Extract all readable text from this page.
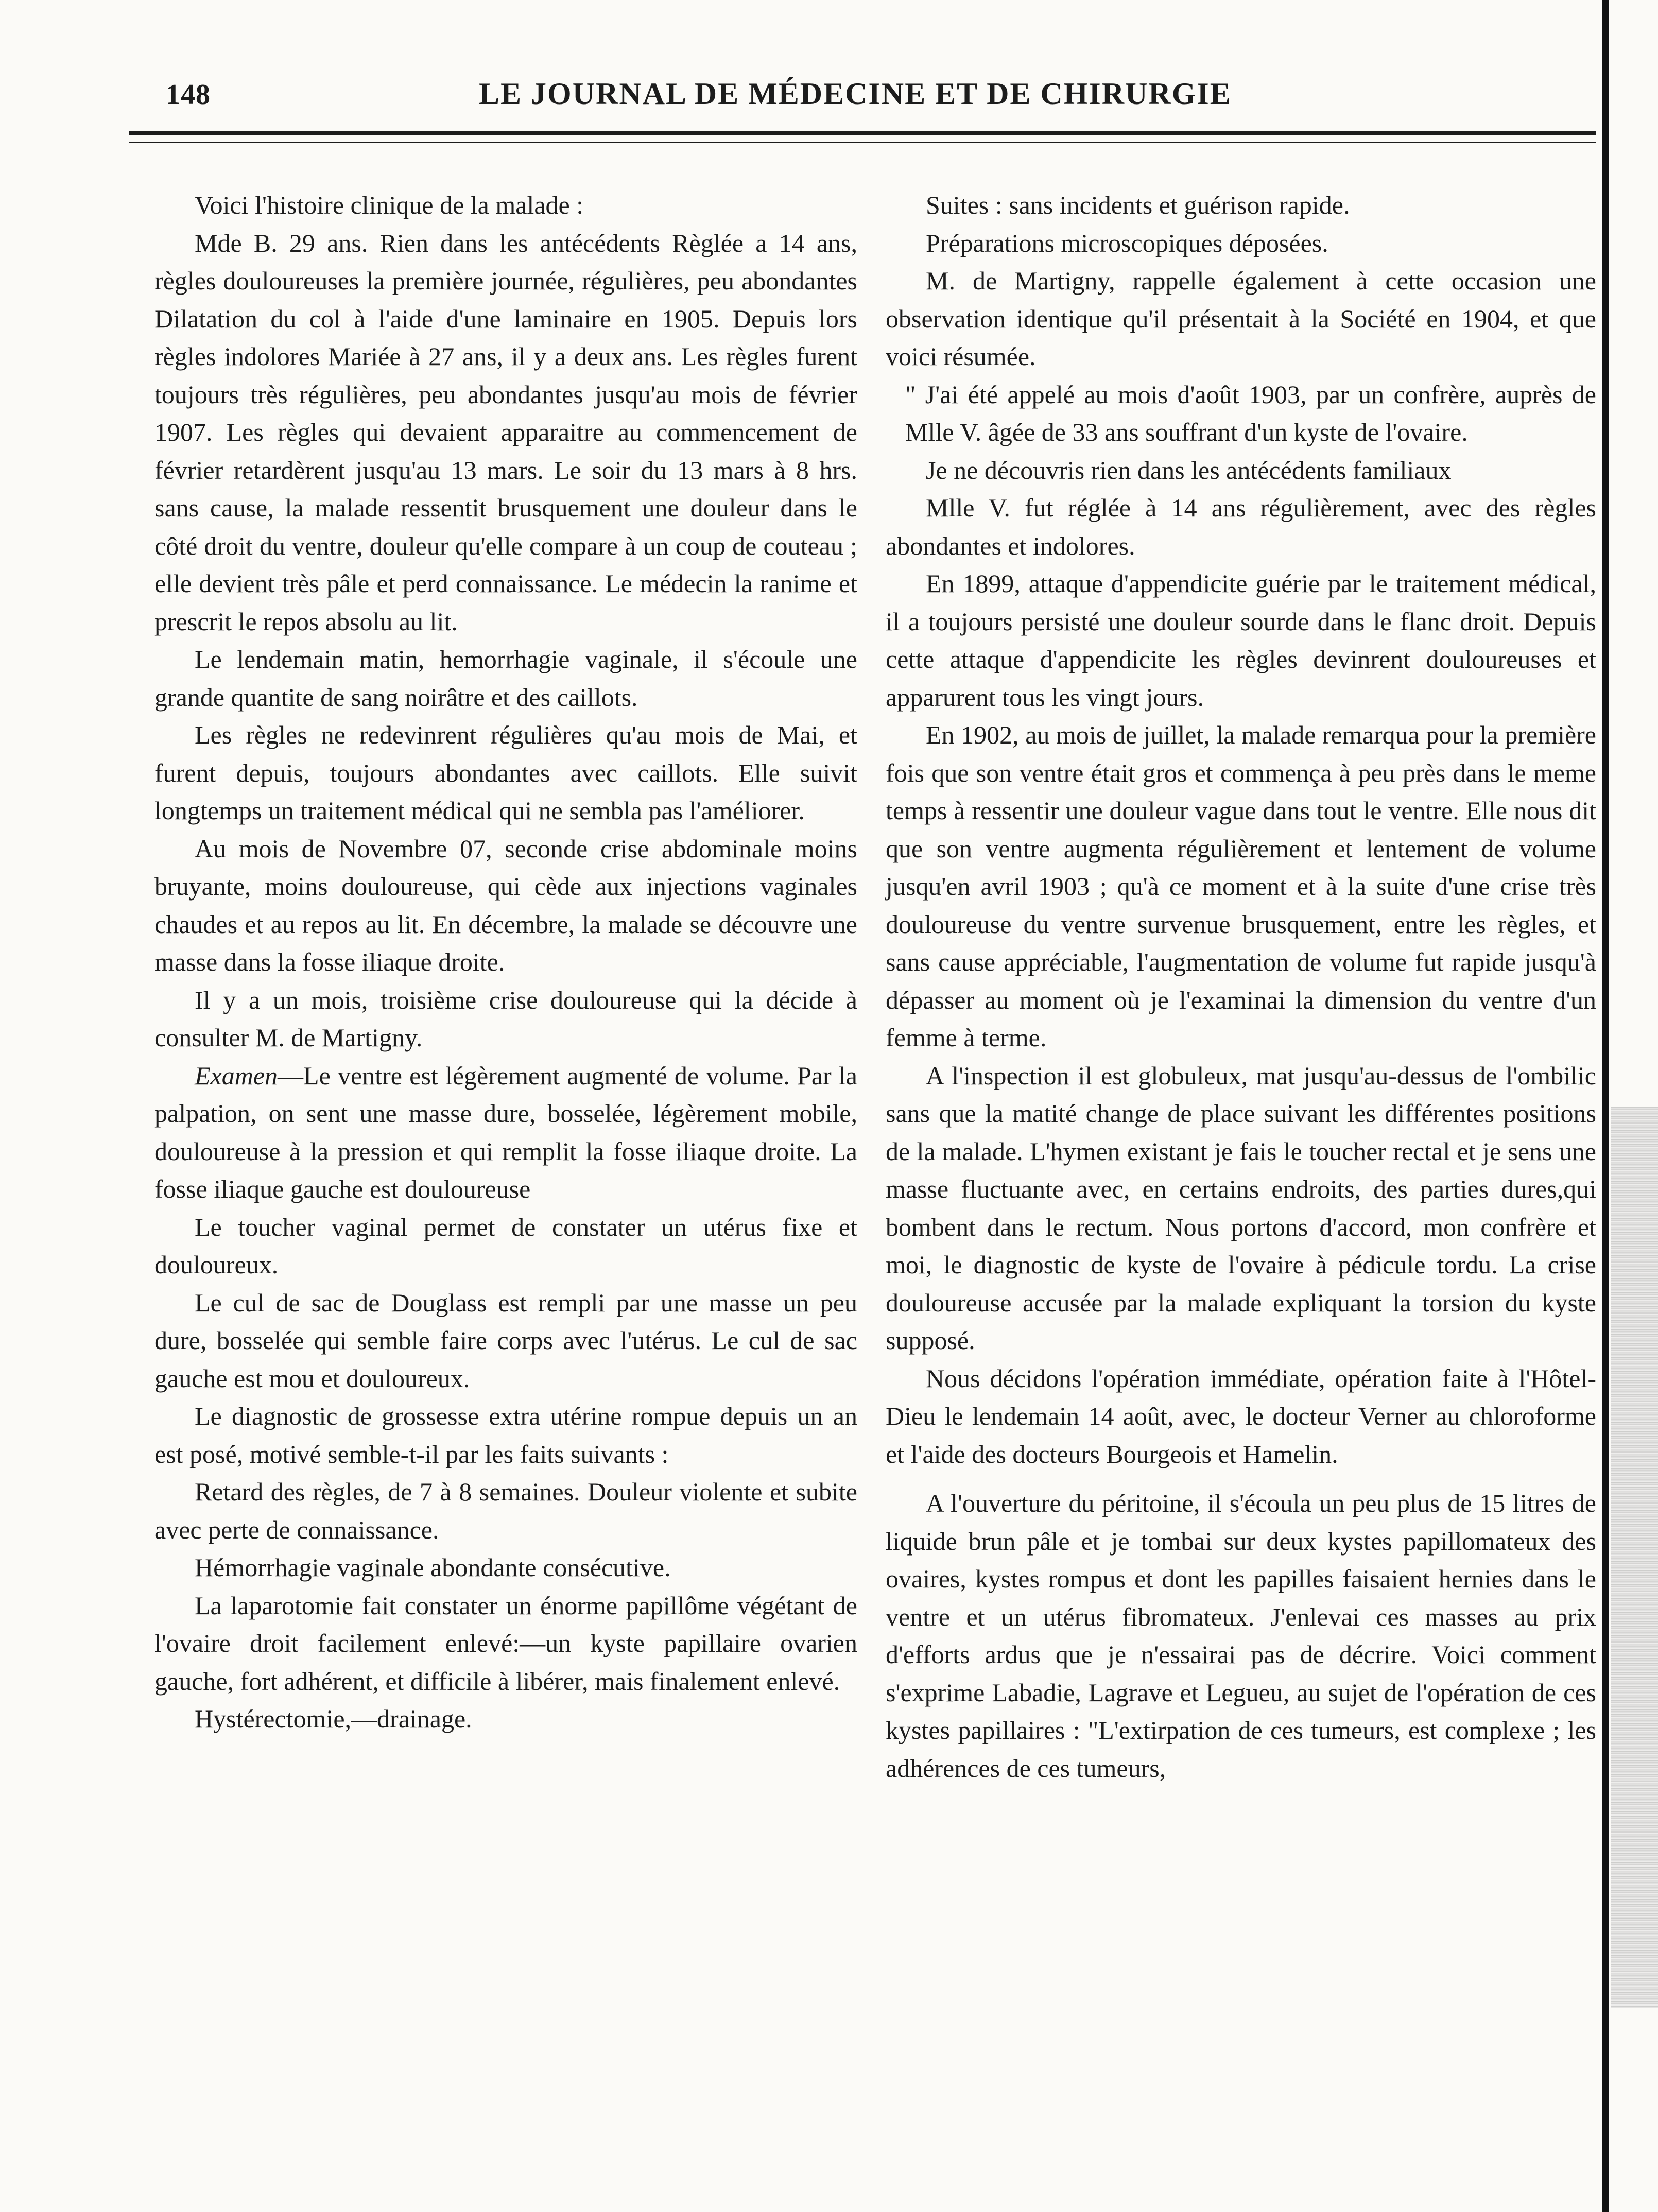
148	LE JOURNAL DE MÉDECINE ET DE CHIRURGIE

Voici l'histoire clinique de la malade :

Mde B. 29 ans. Rien dans les antécédents Règlée a 14 ans, règles douloureuses la première journée, régulières, peu abondantes Dilatation du col à l'aide d'une laminaire en 1905. Depuis lors règles indolores Mariée à 27 ans, il y a deux ans. Les règles furent toujours très régulières, peu abondantes jusqu'au mois de février 1907. Les règles qui devaient apparaitre au commencement de février retardèrent jusqu'au 13 mars. Le soir du 13 mars à 8 hrs. sans cause, la malade ressentit brusquement une douleur dans le côté droit du ventre, douleur qu'elle compare à un coup de couteau ; elle devient très pâle et perd connaissance. Le médecin la ranime et prescrit le repos absolu au lit.

Le lendemain matin, hemorrhagie vaginale, il s'écoule une grande quantite de sang noirâtre et des caillots.

Les règles ne redevinrent régulières qu'au mois de Mai, et furent depuis, toujours abondantes avec caillots. Elle suivit longtemps un traitement médical qui ne sembla pas l'améliorer.

Au mois de Novembre 07, seconde crise abdominale moins bruyante, moins douloureuse, qui cède aux injections vaginales chaudes et au repos au lit. En décembre, la malade se découvre une masse dans la fosse iliaque droite.

Il y a un mois, troisième crise douloureuse qui la décide à consulter M. de Martigny.

Examen—Le ventre est légèrement augmenté de volume. Par la palpation, on sent une masse dure, bosselée, légèrement mobile, douloureuse à la pression et qui remplit la fosse iliaque droite. La fosse iliaque gauche est douloureuse

Le toucher vaginal permet de constater un utérus fixe et douloureux.

Le cul de sac de Douglass est rempli par une masse un peu dure, bosselée qui semble faire corps avec l'utérus. Le cul de sac gauche est mou et douloureux.

Le diagnostic de grossesse extra utérine rompue depuis un an est posé, motivé semble-t-il par les faits suivants :

Retard des règles, de 7 à 8 semaines. Douleur violente et subite avec perte de connaissance.

Hémorrhagie vaginale abondante consécutive.

La laparotomie fait constater un énorme papillôme végétant de l'ovaire droit facilement enlevé:—un kyste papillaire ovarien gauche, fort adhérent, et difficile à libérer, mais finalement enlevé.

Hystérectomie,—drainage.

Suites : sans incidents et guérison rapide.

Préparations microscopiques déposées.

M. de Martigny, rappelle également à cette occasion une observation identique qu'il présentait à la Société en 1904, et que voici résumée.

" J'ai été appelé au mois d'août 1903, par un confrère, auprès de Mlle V. âgée de 33 ans souffrant d'un kyste de l'ovaire.

Je ne découvris rien dans les antécédents familiaux

Mlle V. fut réglée à 14 ans régulièrement, avec des règles abondantes et indolores.

En 1899, attaque d'appendicite guérie par le traitement médical, il a toujours persisté une douleur sourde dans le flanc droit. Depuis cette attaque d'appendicite les règles devinrent douloureuses et apparurent tous les vingt jours.

En 1902, au mois de juillet, la malade remarqua pour la première fois que son ventre était gros et commença à peu près dans le meme temps à ressentir une douleur vague dans tout le ventre. Elle nous dit que son ventre augmenta régulièrement et lentement de volume jusqu'en avril 1903 ; qu'à ce moment et à la suite d'une crise très douloureuse du ventre survenue brusquement, entre les règles, et sans cause appréciable, l'augmentation de volume fut rapide jusqu'à dépasser au moment où je l'examinai la dimension du ventre d'un femme à terme.

A l'inspection il est globuleux, mat jusqu'au-dessus de l'ombilic sans que la matité change de place suivant les différentes positions de la malade. L'hymen existant je fais le toucher rectal et je sens une masse fluctuante avec, en certains endroits, des parties dures,qui bombent dans le rectum. Nous portons d'accord, mon confrère et moi, le diagnostic de kyste de l'ovaire à pédicule tordu. La crise douloureuse accusée par la malade expliquant la torsion du kyste supposé.

Nous décidons l'opération immédiate, opération faite à l'Hôtel-Dieu le lendemain 14 août, avec, le docteur Verner au chloroforme et l'aide des docteurs Bourgeois et Hamelin.

A l'ouverture du péritoine, il s'écoula un peu plus de 15 litres de liquide brun pâle et je tombai sur deux kystes papillomateux des ovaires, kystes rompus et dont les papilles faisaient hernies dans le ventre et un utérus fibromateux. J'enlevai ces masses au prix d'efforts ardus que je n'essairai pas de décrire. Voici comment s'exprime Labadie, Lagrave et Legueu, au sujet de l'opération de ces kystes papillaires : "L'extirpation de ces tumeurs, est complexe ; les adhérences de ces tumeurs,
